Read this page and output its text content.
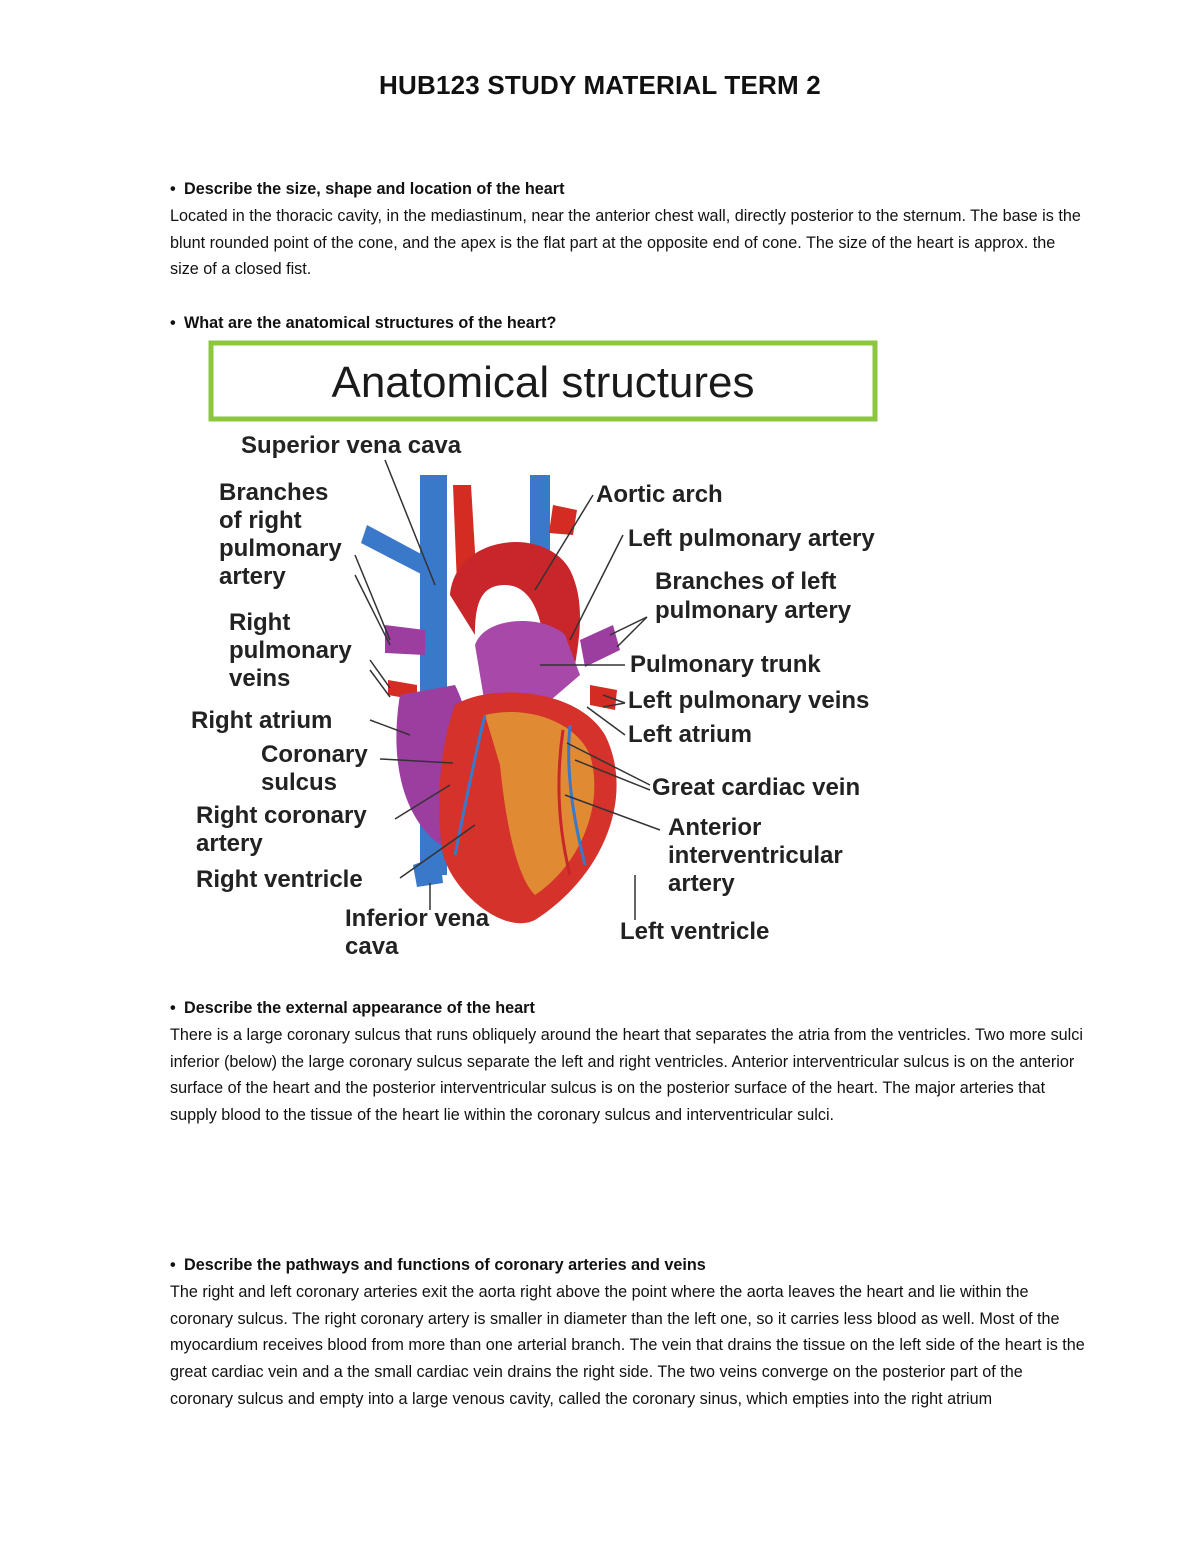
HUB123 STUDY MATERIAL TERM 2
• Describe the size, shape and location of the heart
Located in the thoracic cavity, in the mediastinum, near the anterior chest wall, directly posterior to the sternum. The base is the blunt rounded point of the cone, and the apex is the flat part at the opposite end of cone. The size of the heart is approx. the size of a closed fist.
• What are the anatomical structures of the heart?
Anatomical structures
Superior vena cava
Branches
of right
pulmonary
artery
Right
pulmonary
veins
Right atrium
Coronary
sulcus
Right coronary
artery
Right ventricle
Inferior vena
cava
Aortic arch
Left pulmonary artery
Branches of left
pulmonary artery
Pulmonary trunk
Left pulmonary veins
Left atrium
Great cardiac vein
Anterior
interventricular
artery
Left ventricle
• Describe the external appearance of the heart
There is a large coronary sulcus that runs obliquely around the heart that separates the atria from the ventricles. Two more sulci inferior (below) the large coronary sulcus separate the left and right ventricles. Anterior interventricular sulcus is on the anterior surface of the heart and the posterior interventricular sulcus is on the posterior surface of the heart. The major arteries that supply blood to the tissue of the heart lie within the coronary sulcus and interventricular sulci.
• Describe the pathways and functions of coronary arteries and veins
The right and left coronary arteries exit the aorta right above the point where the aorta leaves the heart and lie within the coronary sulcus. The right coronary artery is smaller in diameter than the left one, so it carries less blood as well. Most of the myocardium receives blood from more than one arterial branch. The vein that drains the tissue on the left side of the heart is the great cardiac vein and a the small cardiac vein drains the right side. The two veins converge on the posterior part of the coronary sulcus and empty into a large venous cavity, called the coronary sinus, which empties into the right atrium
